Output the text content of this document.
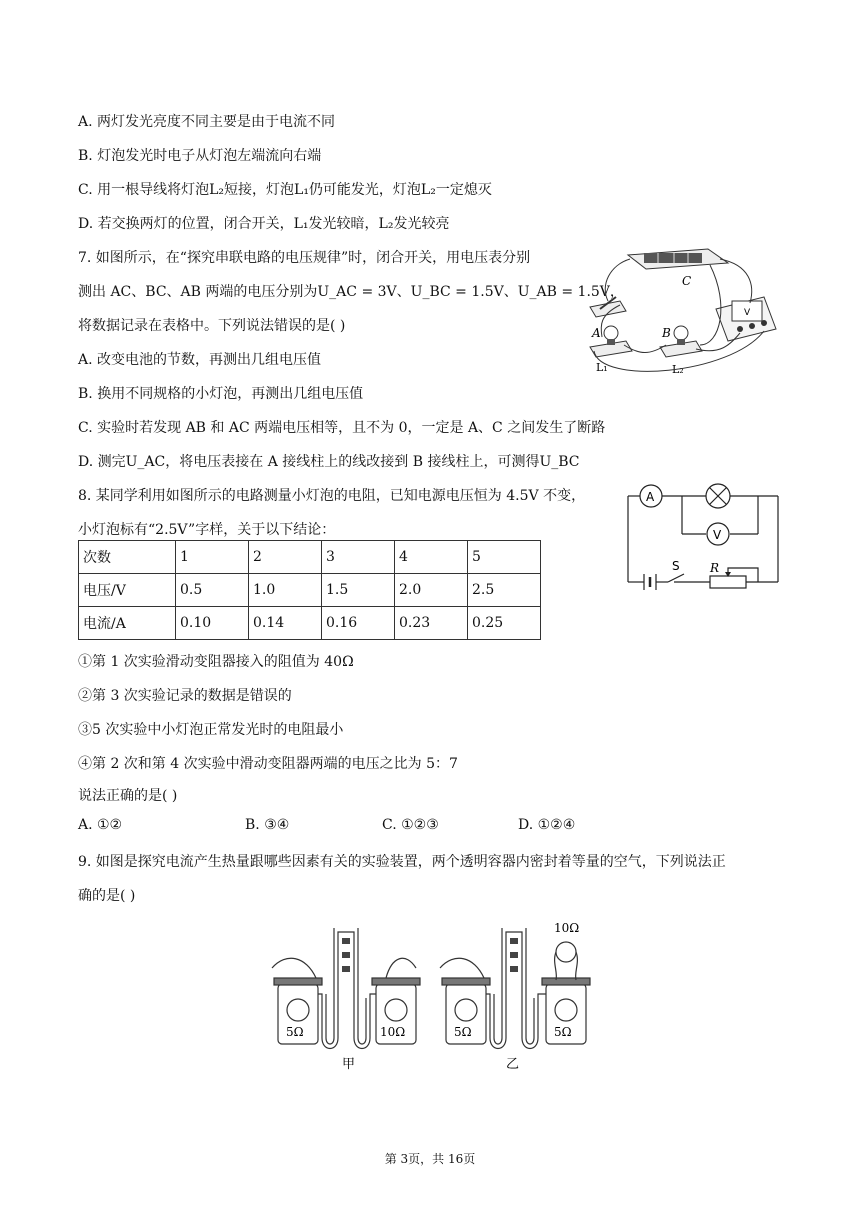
A. 两灯发光亮度不同主要是由于电流不同
B. 灯泡发光时电子从灯泡左端流向右端
C. 用一根导线将灯泡L₂短接，灯泡L₁仍可能发光，灯泡L₂一定熄灭
D. 若交换两灯的位置，闭合开关，L₁发光较暗，L₂发光较亮
7. 如图所示，在“探究串联电路的电压规律”时，闭合开关，用电压表分别
测出 AC、BC、AB 两端的电压分别为U_AC = 3V、U_BC = 1.5V、U_AB = 1.5V，
将数据记录在表格中。下列说法错误的是( )
A. 改变电池的节数，再测出几组电压值
B. 换用不同规格的小灯泡，再测出几组电压值
C. 实验时若发现 AB 和 AC 两端电压相等，且不为 0，一定是 A、C 之间发生了断路
D. 测完U_AC，将电压表接在 A 接线柱上的线改接到 B 接线柱上，可测得U_BC
8. 某同学利用如图所示的电路测量小灯泡的电阻，已知电源电压恒为 4.5V 不变，
小灯泡标有“2.5V”字样，关于以下结论：
次数	1	2	3	4	5
电压/V	0.5	1.0	1.5	2.0	2.5
电流/A	0.10	0.14	0.16	0.23	0.25
①第 1 次实验滑动变阻器接入的阻值为 40Ω
②第 3 次实验记录的数据是错误的
③5 次实验中小灯泡正常发光时的电阻最小
④第 2 次和第 4 次实验中滑动变阻器两端的电压之比为 5：7
说法正确的是( )
A. ①②	B. ③④	C. ①②③	D. ①②④
9. 如图是探究电流产生热量跟哪些因素有关的实验装置，两个透明容器内密封着等量的空气，下列说法正
确的是( )
C
A	B
L₁	L₂
V
A
V
S	R
5Ω	10Ω	5Ω	5Ω
10Ω
甲	乙
第 3页，共 16页
